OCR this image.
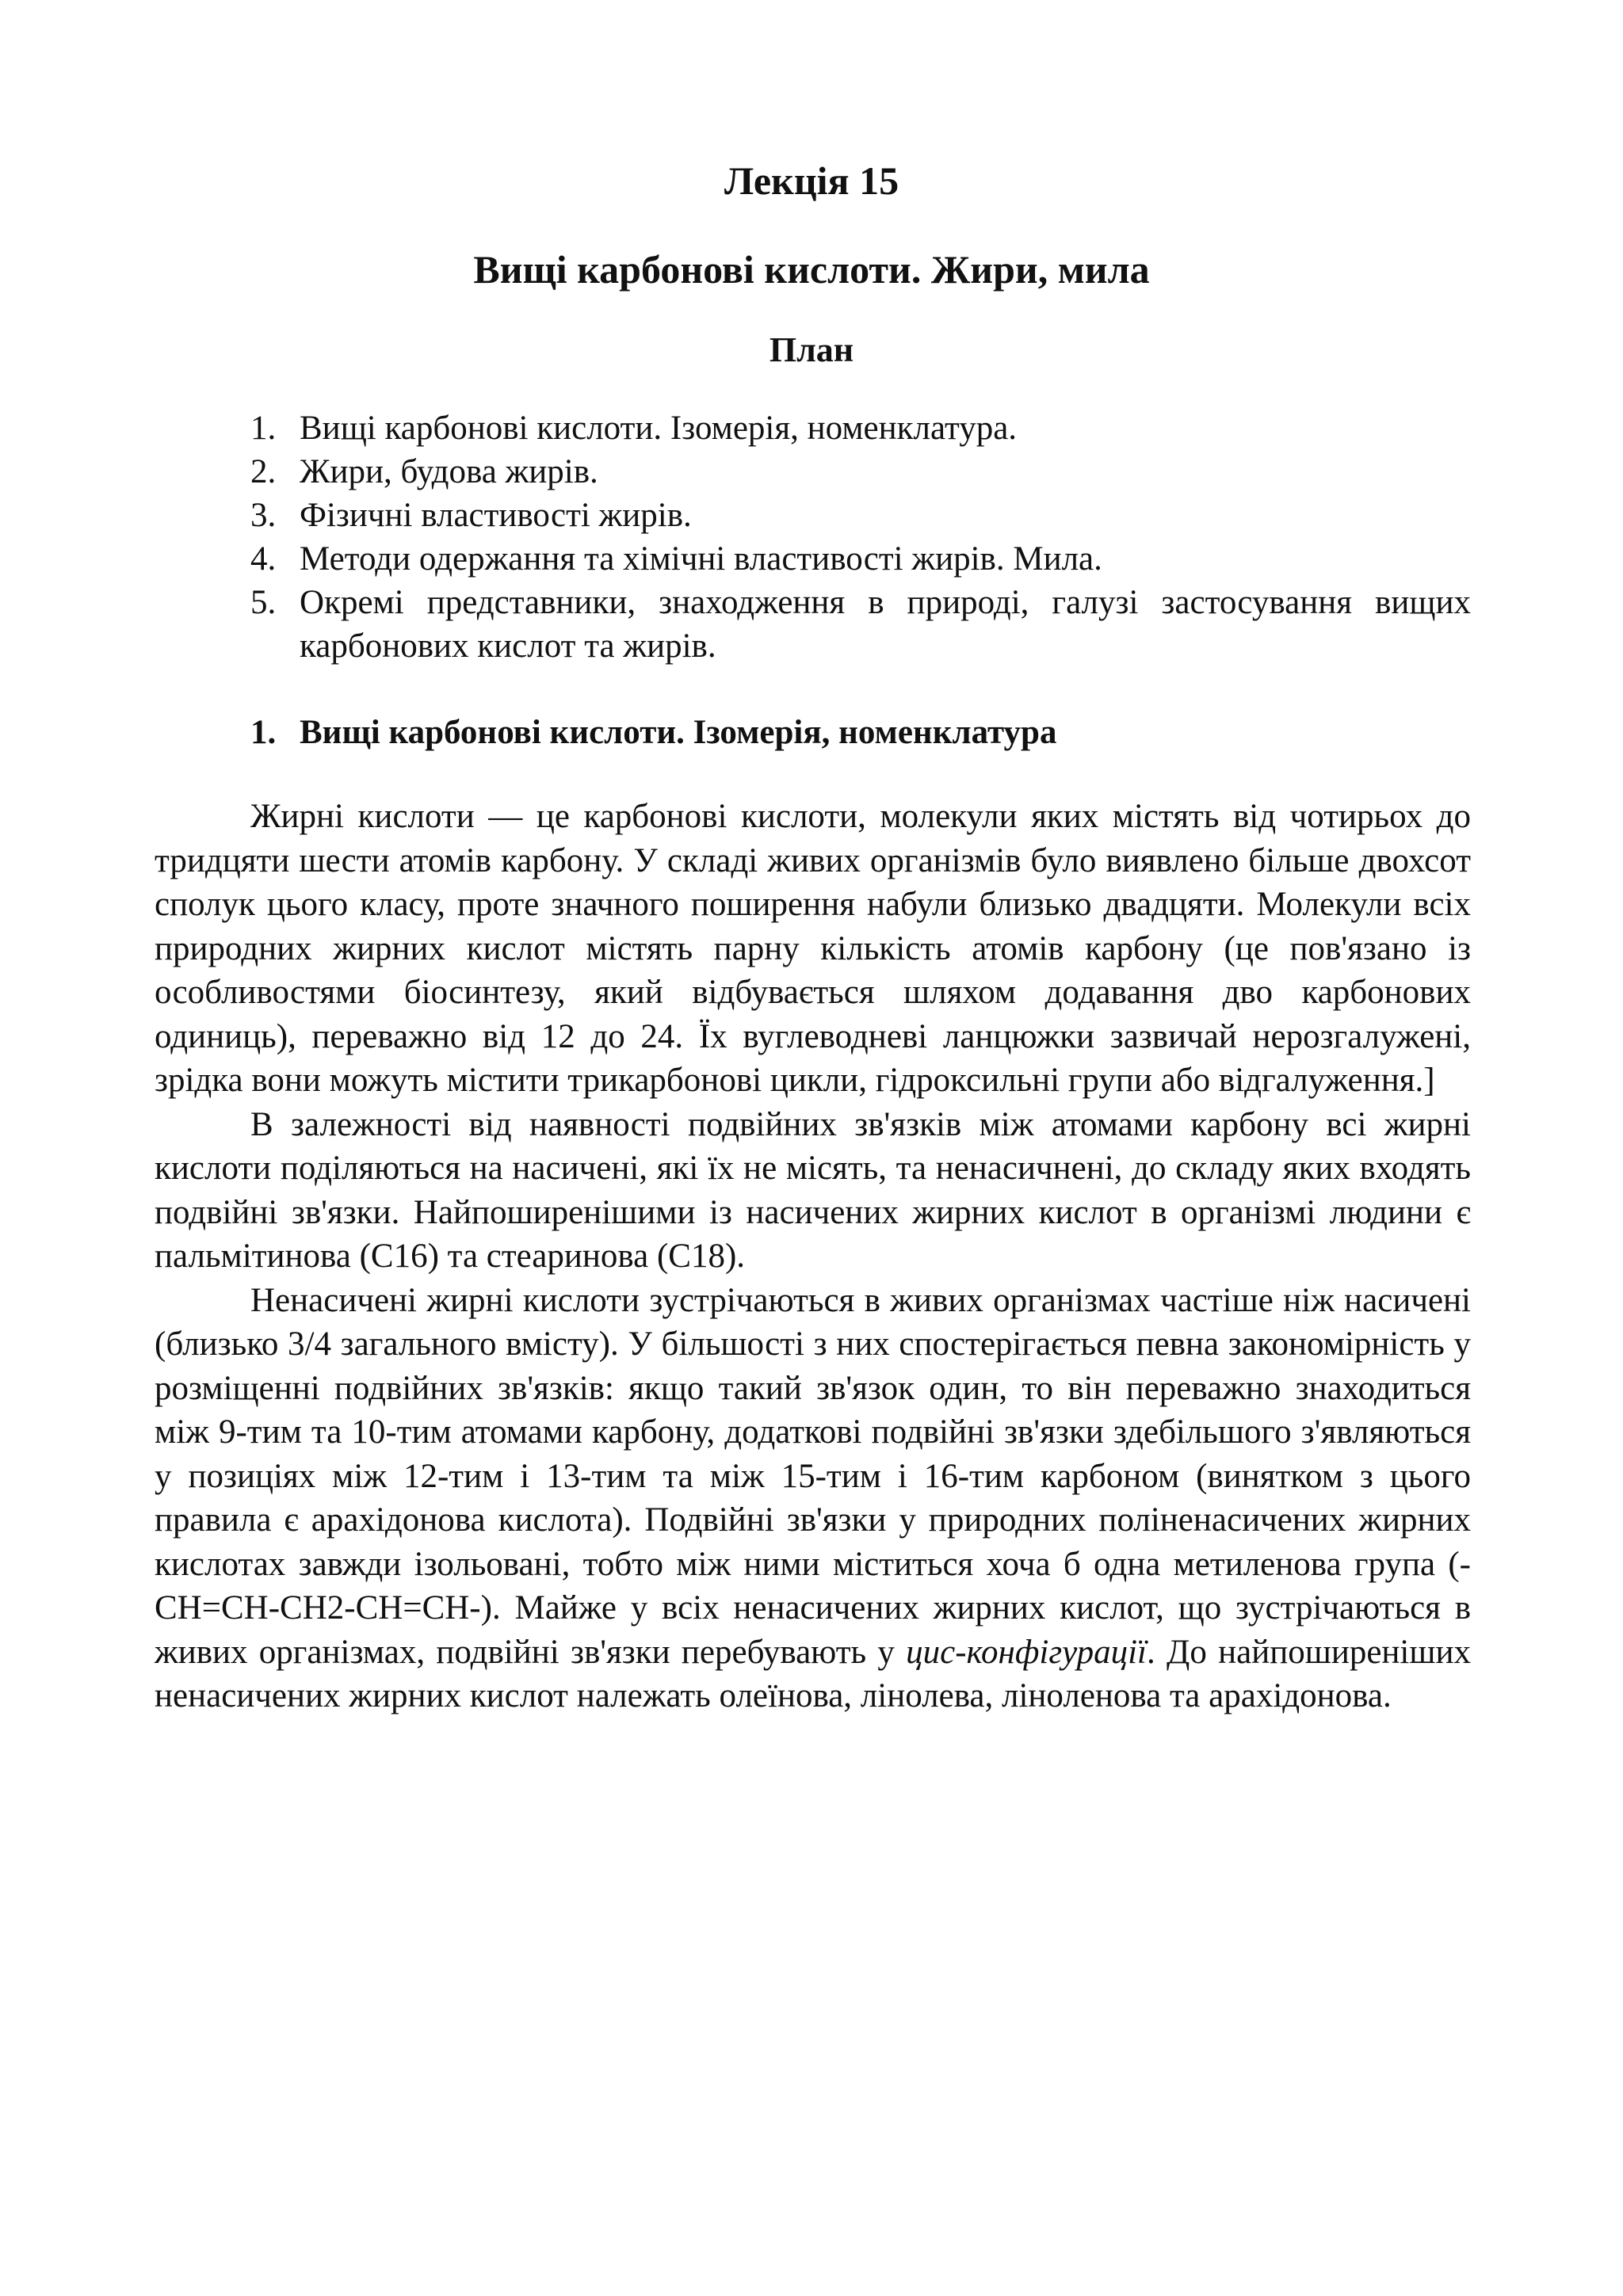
Лекція 15
Вищі карбонові кислоти. Жири, мила
План
1. Вищі карбонові кислоти. Ізомерія, номенклатура.
2. Жири, будова жирів.
3. Фізичні властивості жирів.
4. Методи одержання та хімічні властивості жирів. Мила.
5. Окремі представники, знаходження в природі, галузі застосування вищих карбонових кислот та жирів.
1. Вищі карбонові кислоти. Ізомерія, номенклатура

Жирні кислоти — це карбонові кислоти, молекули яких містять від чотирьох до тридцяти шести атомів карбону. У складі живих організмів було виявлено більше двохсот сполук цього класу, проте значного поширення набули близько двадцяти. Молекули всіх природних жирних кислот містять парну кількість атомів карбону (це пов'язано із особливостями біосинтезу, який відбувається шляхом додавання дво карбонових одиниць), переважно від 12 до 24. Їх вуглеводневі ланцюжки зазвичай нерозгалужені, зрідка вони можуть містити трикарбонові цикли, гідроксильні групи або відгалуження.]

В залежності від наявності подвійних зв'язків між атомами карбону всі жирні кислоти поділяються на насичені, які їх не місять, та ненасичнені, до складу яких входять подвійні зв'язки. Найпоширенішими із насичених жирних кислот в організмі людини є пальмітинова (С16) та стеаринова (С18).

Ненасичені жирні кислоти зустрічаються в живих організмах частіше ніж насичені (близько 3/4 загального вмісту). У більшості з них спостерігається певна закономірність у розміщенні подвійних зв'язків: якщо такий зв'язок один, то він переважно знаходиться між 9-тим та 10-тим атомами карбону, додаткові подвійні зв'язки здебільшого з'являються у позиціях між 12-тим і 13-тим та між 15-тим і 16-тим карбоном (винятком з цього правила є арахідонова кислота). Подвійні зв'язки у природних поліненасичених жирних кислотах завжди ізольовані, тобто між ними міститься хоча б одна метиленова група (-СН=СН-СН2-СН=СН-). Майже у всіх ненасичених жирних кислот, що зустрічаються в живих організмах, подвійні зв'язки перебувають у цис-конфігурації. До найпоширеніших ненасичених жирних кислот належать олеїнова, лінолева, ліноленова та арахідонова.
